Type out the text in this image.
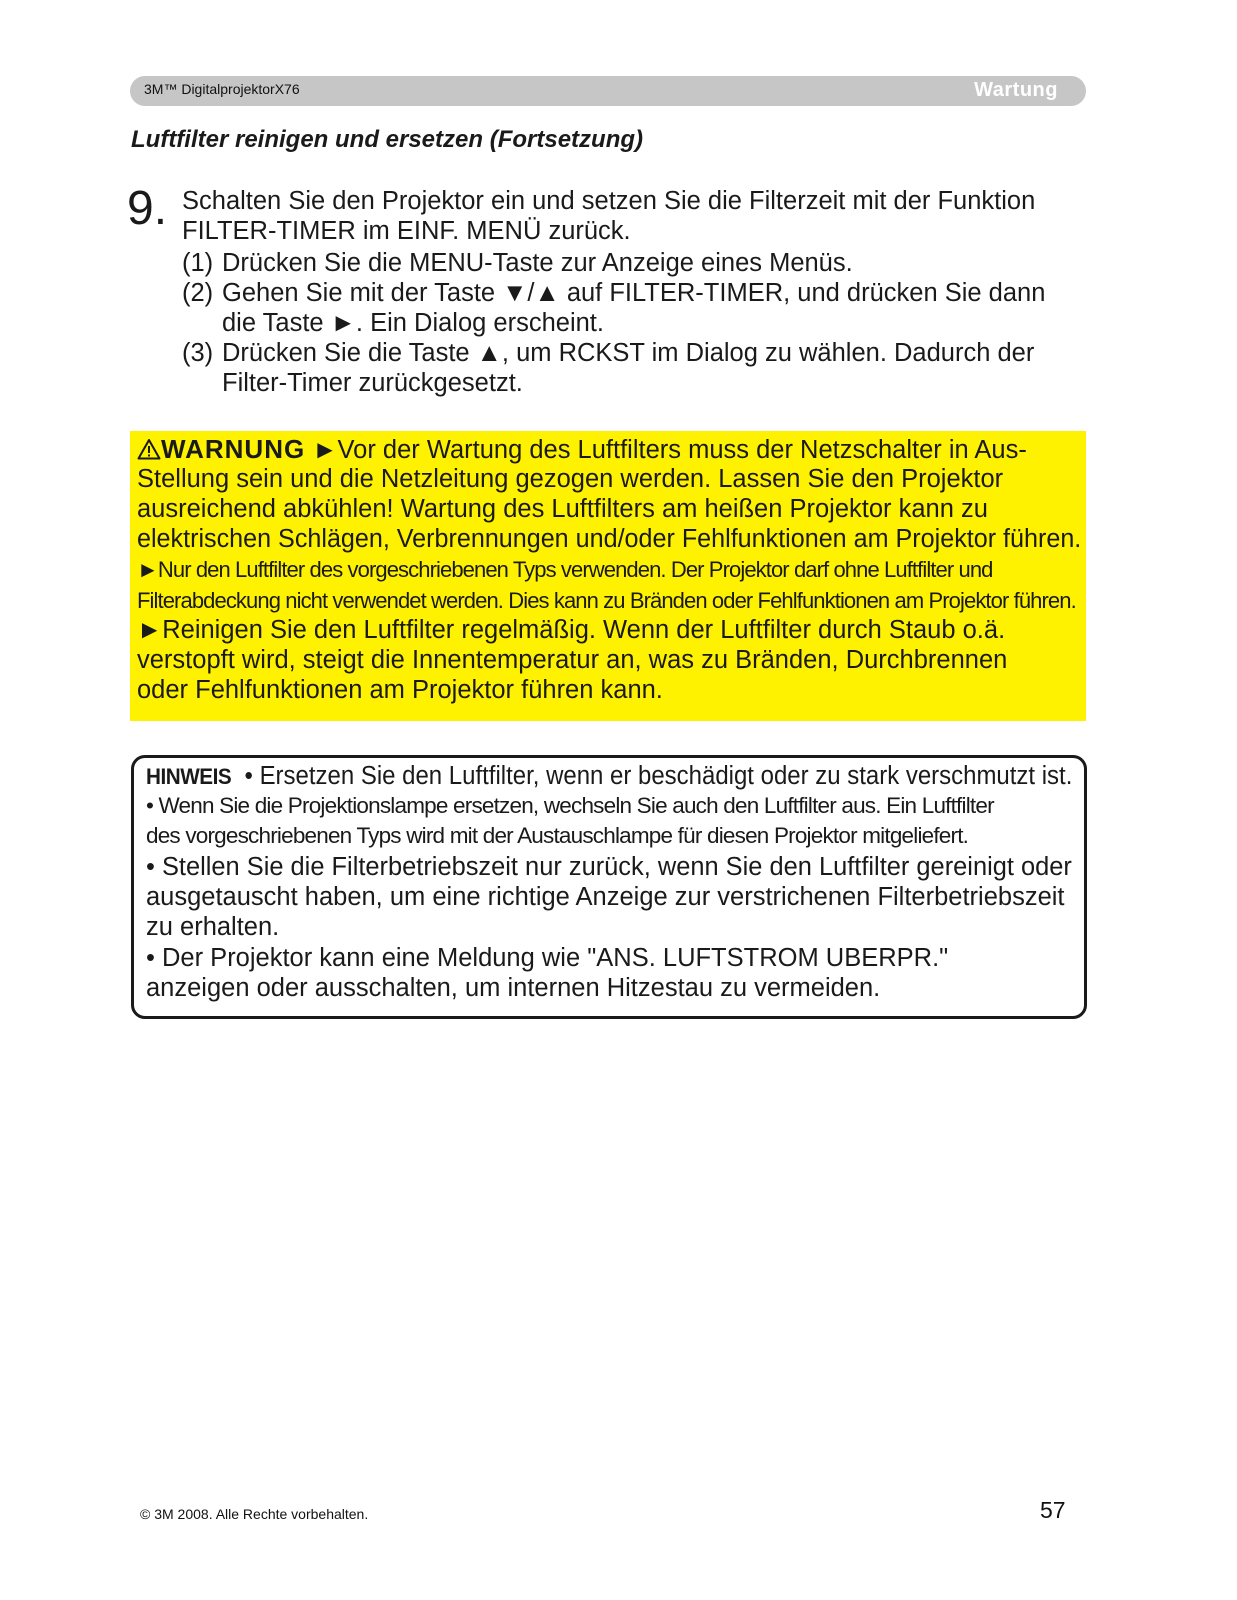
3M™ DigitalprojektorX76	Wartung
Luftfilter reinigen und ersetzen (Fortsetzung)
9. Schalten Sie den Projektor ein und setzen Sie die Filterzeit mit der Funktion
FILTER-TIMER im EINF. MENÜ zurück.
(1) Drücken Sie die MENU-Taste zur Anzeige eines Menüs.
(2) Gehen Sie mit der Taste ▼/▲ auf FILTER-TIMER, und drücken Sie dann
die Taste ►. Ein Dialog erscheint.
(3) Drücken Sie die Taste ▲, um RCKST im Dialog zu wählen. Dadurch der
Filter-Timer zurückgesetzt.
WARNUNG ►Vor der Wartung des Luftfilters muss der Netzschalter in Aus-
Stellung sein und die Netzleitung gezogen werden. Lassen Sie den Projektor
ausreichend abkühlen! Wartung des Luftfilters am heißen Projektor kann zu
elektrischen Schlägen, Verbrennungen und/oder Fehlfunktionen am Projektor führen.
►Nur den Luftfilter des vorgeschriebenen Typs verwenden. Der Projektor darf ohne Luftfilter und
Filterabdeckung nicht verwendet werden. Dies kann zu Bränden oder Fehlfunktionen am Projektor führen.
►Reinigen Sie den Luftfilter regelmäßig. Wenn der Luftfilter durch Staub o.ä.
verstopft wird, steigt die Innentemperatur an, was zu Bränden, Durchbrennen
oder Fehlfunktionen am Projektor führen kann.
HINWEIS • Ersetzen Sie den Luftfilter, wenn er beschädigt oder zu stark verschmutzt ist.
• Wenn Sie die Projektionslampe ersetzen, wechseln Sie auch den Luftfilter aus. Ein Luftfilter
des vorgeschriebenen Typs wird mit der Austauschlampe für diesen Projektor mitgeliefert.
• Stellen Sie die Filterbetriebszeit nur zurück, wenn Sie den Luftfilter gereinigt oder
ausgetauscht haben, um eine richtige Anzeige zur verstrichenen Filterbetriebszeit
zu erhalten.
• Der Projektor kann eine Meldung wie "ANS. LUFTSTROM UBERPR."
anzeigen oder ausschalten, um internen Hitzestau zu vermeiden.
© 3M 2008. Alle Rechte vorbehalten.	57
